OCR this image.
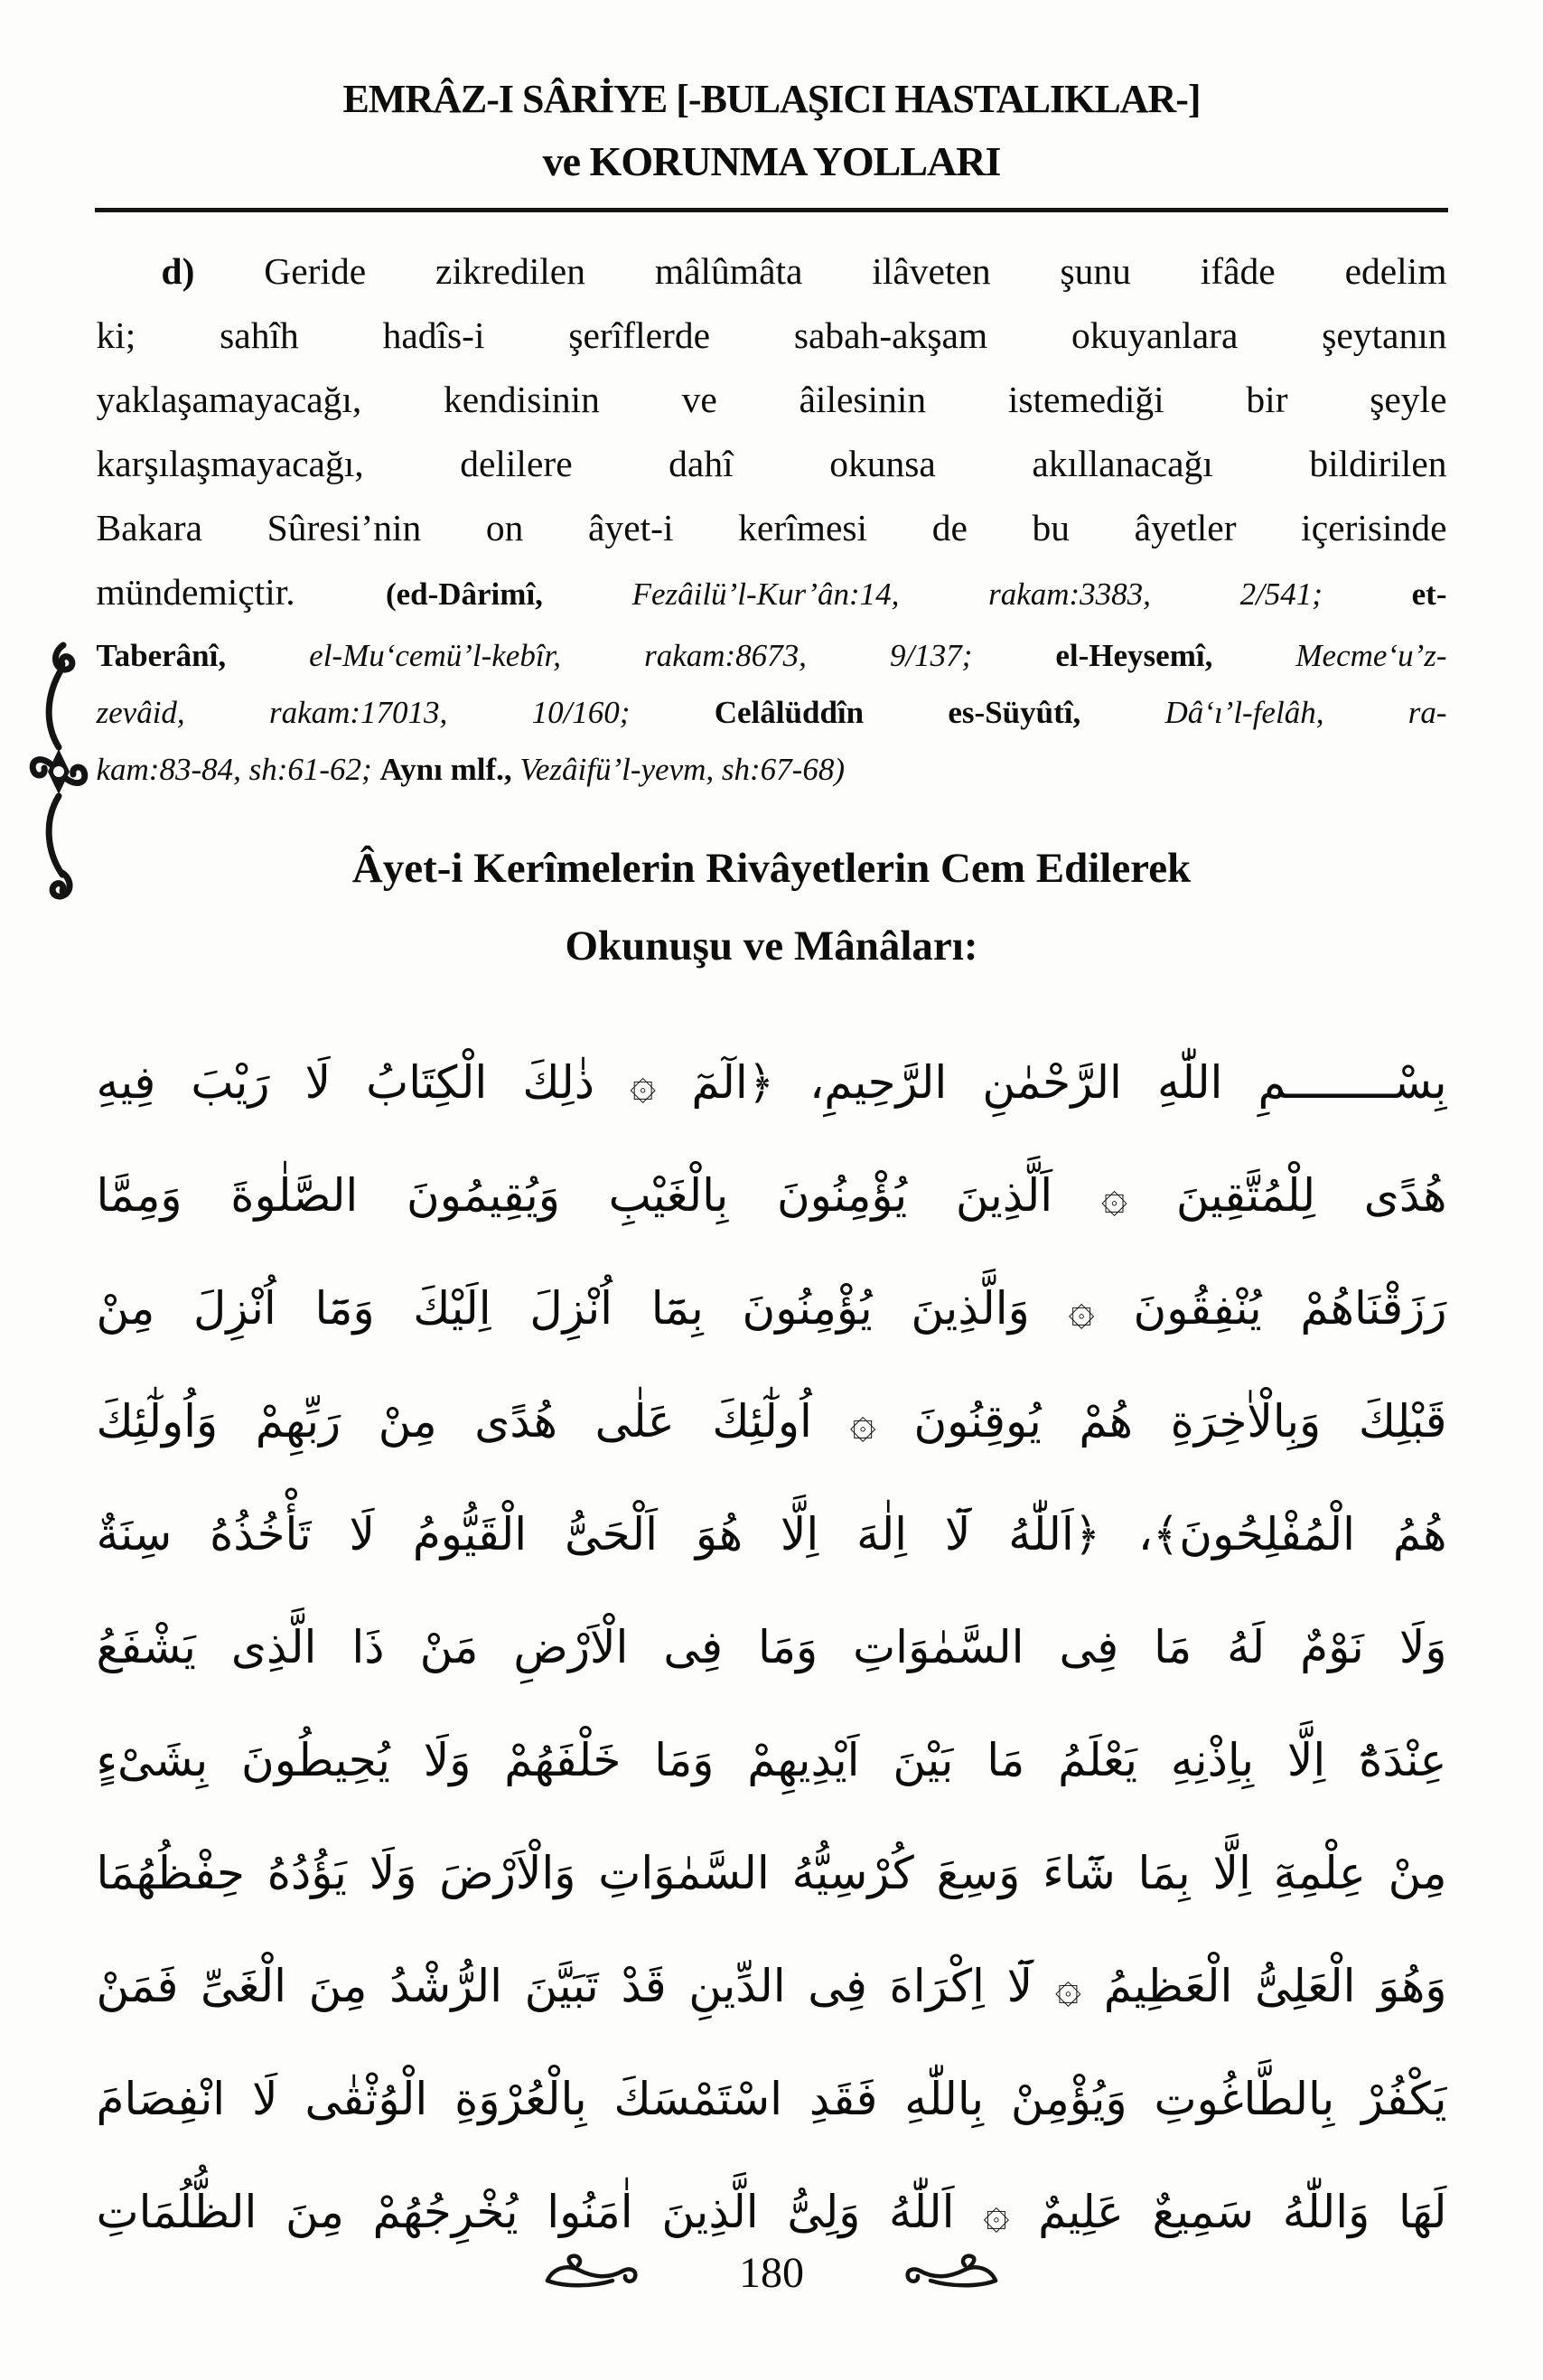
EMRÂZ-I SÂRİYE [-BULAŞICI HASTALIKLAR-]
ve KORUNMA YOLLARI
d) Geride zikredilen mâlûmâta ilâveten şunu ifâde edelim
ki; sahîh hadîs-i şerîflerde sabah-akşam okuyanlara şeytanın
yaklaşamayacağı, kendisinin ve âilesinin istemediği bir şeyle
karşılaşmayacağı, delilere dahî okunsa akıllanacağı bildirilen
Bakara Sûresi’nin on âyet-i kerîmesi de bu âyetler içerisinde
mündemiçtir. (ed-Dârimî, Fezâilü’l-Kur’ân:14, rakam:3383, 2/541; et-
Taberânî, el-Mu‘cemü’l-kebîr, rakam:8673, 9/137; el-Heysemî, Mecme‘u’z-
zevâid, rakam:17013, 10/160; Celâlüddîn es-Süyûtî, Dâ‘ı’l-felâh, ra-
kam:83-84, sh:61-62; Aynı mlf., Vezâifü’l-yevm, sh:67-68)
Âyet-i Kerîmelerin Rivâyetlerin Cem Edilerek
Okunuşu ve Mânâları:
بِسْــــــــمِ اللّٰهِ الرَّحْمٰنِ الرَّحِيمِ، ﴿الٓمٓ ۞ ذٰلِكَ الْكِتَابُ لَا رَيْبَ فِيهِ
هُدًى لِلْمُتَّقِينَ ۞ اَلَّذِينَ يُؤْمِنُونَ بِالْغَيْبِ وَيُقِيمُونَ الصَّلٰوةَ وَمِمَّا
رَزَقْنَاهُمْ يُنْفِقُونَ ۞ وَالَّذِينَ يُؤْمِنُونَ بِمَٓا اُنْزِلَ اِلَيْكَ وَمَٓا اُنْزِلَ مِنْ
قَبْلِكَ وَبِالْاٰخِرَةِ هُمْ يُوقِنُونَ ۞ اُولٰٓئِكَ عَلٰى هُدًى مِنْ رَبِّهِمْ وَاُولٰٓئِكَ
هُمُ الْمُفْلِحُونَ﴾، ﴿اَللّٰهُ لَٓا اِلٰهَ اِلَّا هُوَ اَلْحَىُّ الْقَيُّومُ لَا تَأْخُذُهُ سِنَةٌ
وَلَا نَوْمٌ لَهُ مَا فِى السَّمٰوَاتِ وَمَا فِى الْاَرْضِ مَنْ ذَا الَّذِى يَشْفَعُ
عِنْدَهُٓ اِلَّا بِاِذْنِهِ يَعْلَمُ مَا بَيْنَ اَيْدِيهِمْ وَمَا خَلْفَهُمْ وَلَا يُحِيطُونَ بِشَىْءٍ
مِنْ عِلْمِهِٓ اِلَّا بِمَا شَٓاءَ وَسِعَ كُرْسِيُّهُ السَّمٰوَاتِ وَالْاَرْضَ وَلَا يَؤُدُهُ حِفْظُهُمَا
وَهُوَ الْعَلِىُّ الْعَظِيمُ ۞ لَٓا اِكْرَاهَ فِى الدِّينِ قَدْ تَبَيَّنَ الرُّشْدُ مِنَ الْغَىِّ فَمَنْ
يَكْفُرْ بِالطَّاغُوتِ وَيُؤْمِنْ بِاللّٰهِ فَقَدِ اسْتَمْسَكَ بِالْعُرْوَةِ الْوُثْقٰى لَا انْفِصَامَ
لَهَا وَاللّٰهُ سَمِيعٌ عَلِيمٌ ۞ اَللّٰهُ وَلِىُّ الَّذِينَ اٰمَنُوا يُخْرِجُهُمْ مِنَ الظُّلُمَاتِ
180
